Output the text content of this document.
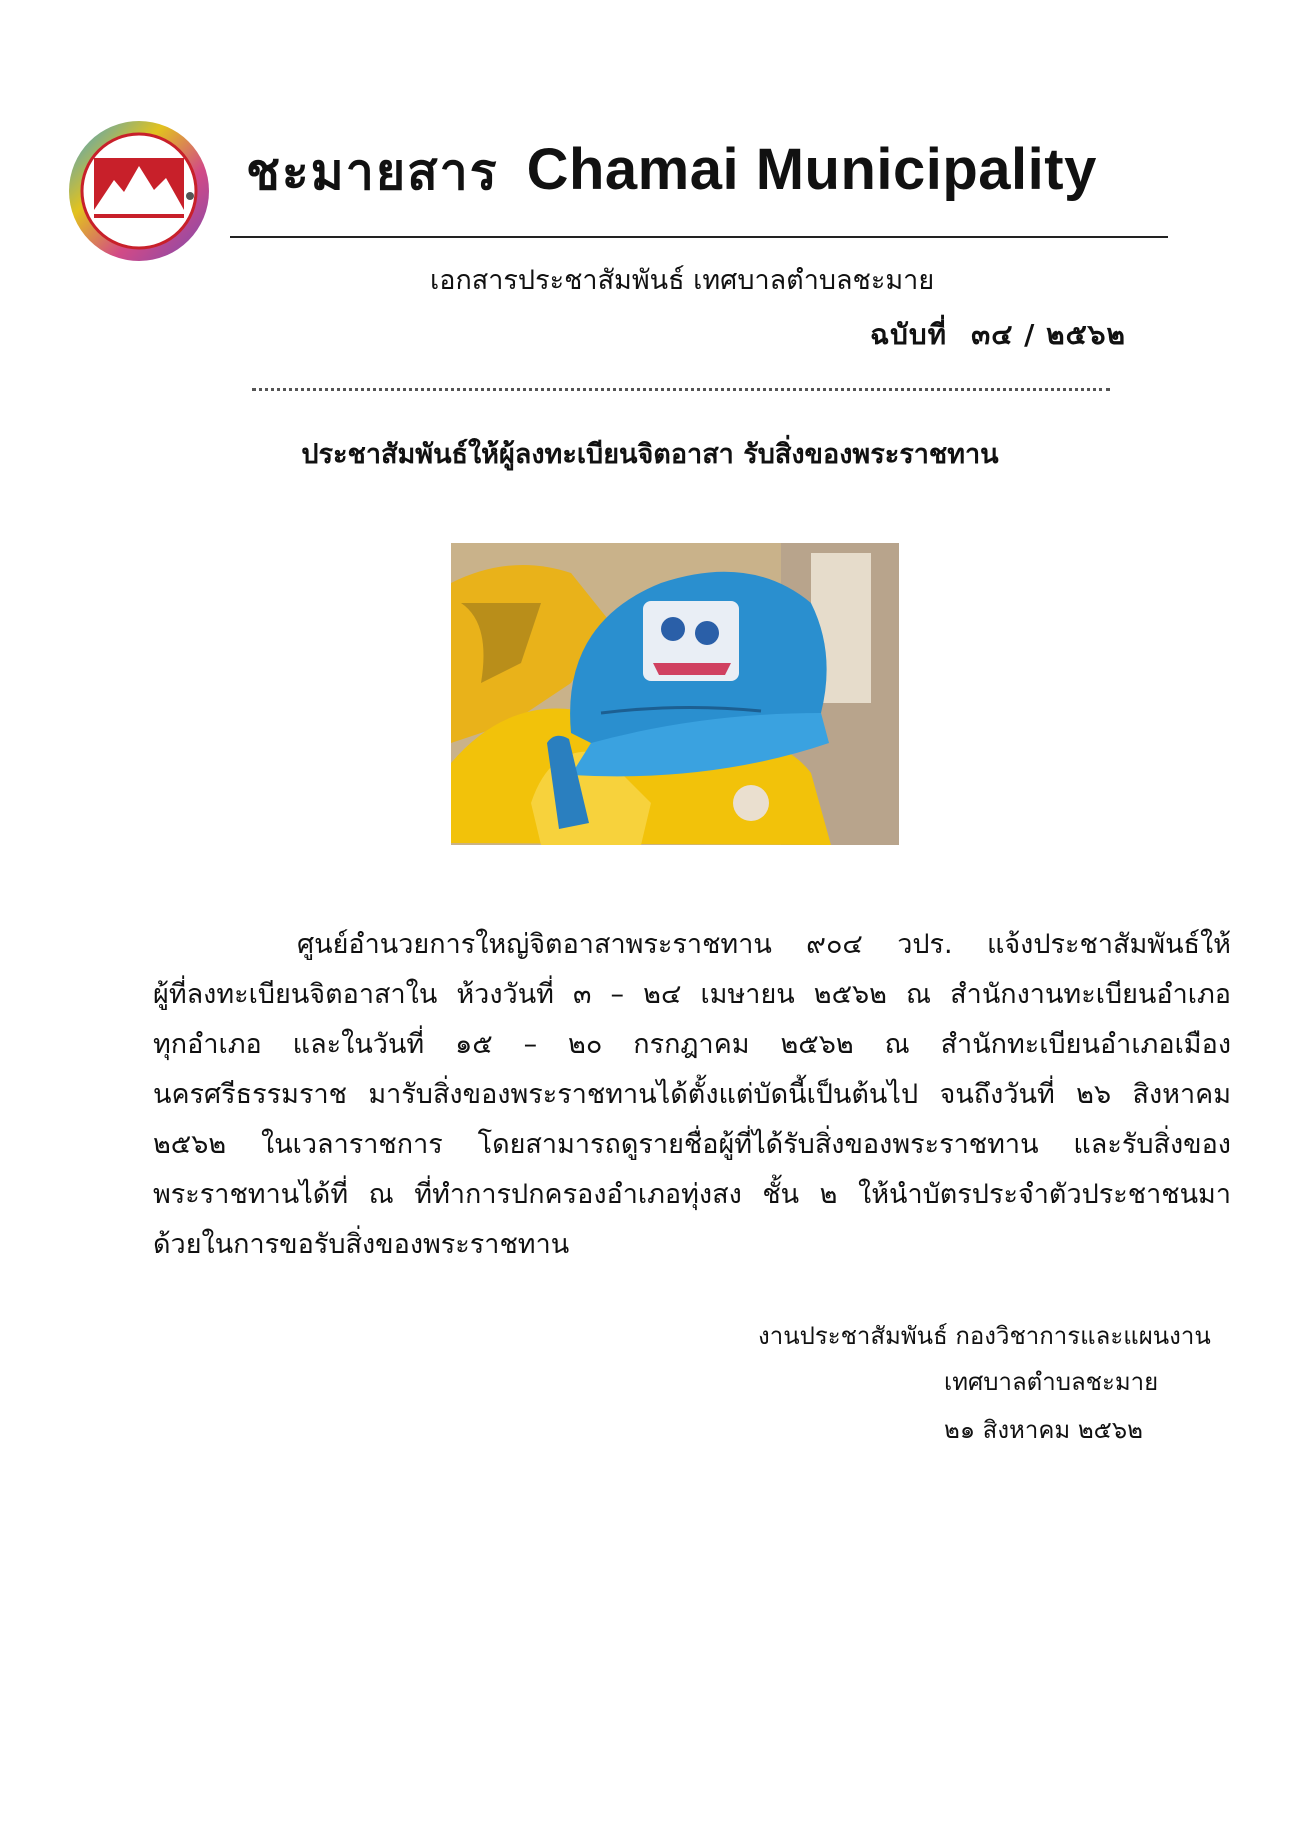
ชะมายสาร Chamai Municipality
เอกสารประชาสัมพันธ์ เทศบาลตำบลชะมาย
ฉบับที่ ๓๔ / ๒๕๖๒
ประชาสัมพันธ์ให้ผู้ลงทะเบียนจิตอาสา รับสิ่งของพระราชทาน
ศูนย์อำนวยการใหญ่จิตอาสาพระราชทาน ๙๐๔ วปร. แจ้งประชาสัมพันธ์ให้
ผู้ที่ลงทะเบียนจิตอาสาใน ห้วงวันที่ ๓ – ๒๔ เมษายน ๒๕๖๒ ณ สำนักงานทะเบียนอำเภอ
ทุกอำเภอ และในวันที่ ๑๕ – ๒๐ กรกฎาคม ๒๕๖๒ ณ สำนักทะเบียนอำเภอเมือง
นครศรีธรรมราช มารับสิ่งของพระราชทานได้ตั้งแต่บัดนี้เป็นต้นไป จนถึงวันที่ ๒๖ สิงหาคม
๒๕๖๒ ในเวลาราชการ โดยสามารถดูรายชื่อผู้ที่ได้รับสิ่งของพระราชทาน และรับสิ่งของ
พระราชทานได้ที่ ณ ที่ทำการปกครองอำเภอทุ่งสง ชั้น ๒ ให้นำบัตรประจำตัวประชาชนมา
ด้วยในการขอรับสิ่งของพระราชทาน
งานประชาสัมพันธ์ กองวิชาการและแผนงาน
เทศบาลตำบลชะมาย
๒๑ สิงหาคม ๒๕๖๒
